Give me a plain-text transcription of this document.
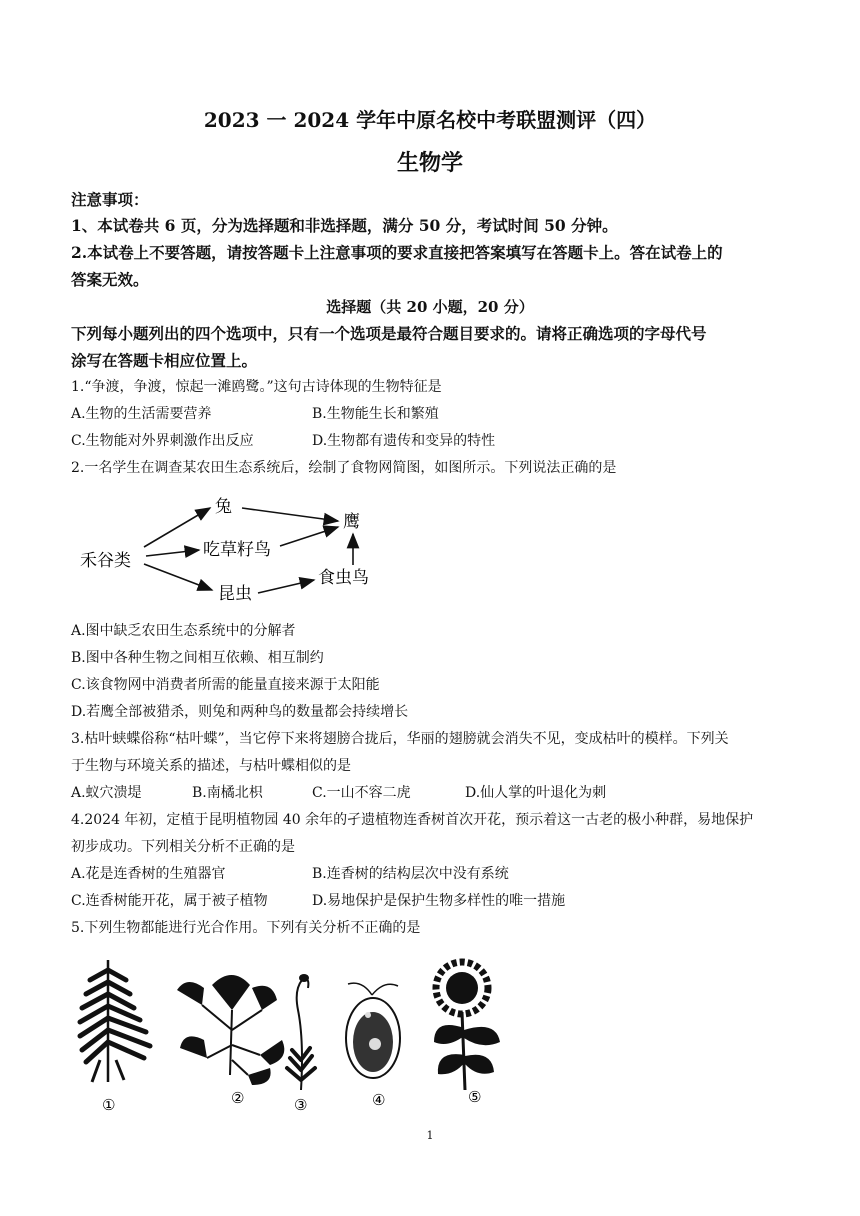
2023 一 2024 学年中原名校中考联盟测评（四）
生物学
注意事项：
1、本试卷共 6 页，分为选择题和非选择题，满分 50 分，考试时间 50 分钟。
2.本试卷上不要答题，请按答题卡上注意事项的要求直接把答案填写在答题卡上。答在试卷上的
答案无效。
选择题（共 20 小题，20 分）
下列每小题列出的四个选项中，只有一个选项是最符合题目要求的。请将正确选项的字母代号
涂写在答题卡相应位置上。
1.“争渡，争渡，惊起一滩鸥鹭。”这句古诗体现的生物特征是
A.生物的生活需要营养	B.生物能生长和繁殖
C.生物能对外界刺激作出反应	D.生物都有遗传和变异的特性
2.一名学生在调查某农田生态系统后，绘制了食物网简图，如图所示。下列说法正确的是
禾谷类
兔
吃草籽鸟
昆虫
鹰
食虫鸟
A.图中缺乏农田生态系统中的分解者
B.图中各种生物之间相互依赖、相互制约
C.该食物网中消费者所需的能量直接来源于太阳能
D.若鹰全部被猎杀，则兔和两种鸟的数量都会持续增长
3.枯叶蛱蝶俗称“枯叶蝶”，当它停下来将翅膀合拢后，华丽的翅膀就会消失不见，变成枯叶的模样。下列关
于生物与环境关系的描述，与枯叶蝶相似的是
A.蚁穴溃堤	B.南橘北枳	C.一山不容二虎	D.仙人掌的叶退化为刺
4.2024 年初，定植于昆明植物园 40 余年的孑遗植物连香树首次开花，预示着这一古老的极小种群，易地保护
初步成功。下列相关分析不正确的是
A.花是连香树的生殖器官	B.连香树的结构层次中没有系统
C.连香树能开花，属于被子植物	D.易地保护是保护生物多样性的唯一措施
5.下列生物都能进行光合作用。下列有关分析不正确的是
①	②	③	④	⑤
1
